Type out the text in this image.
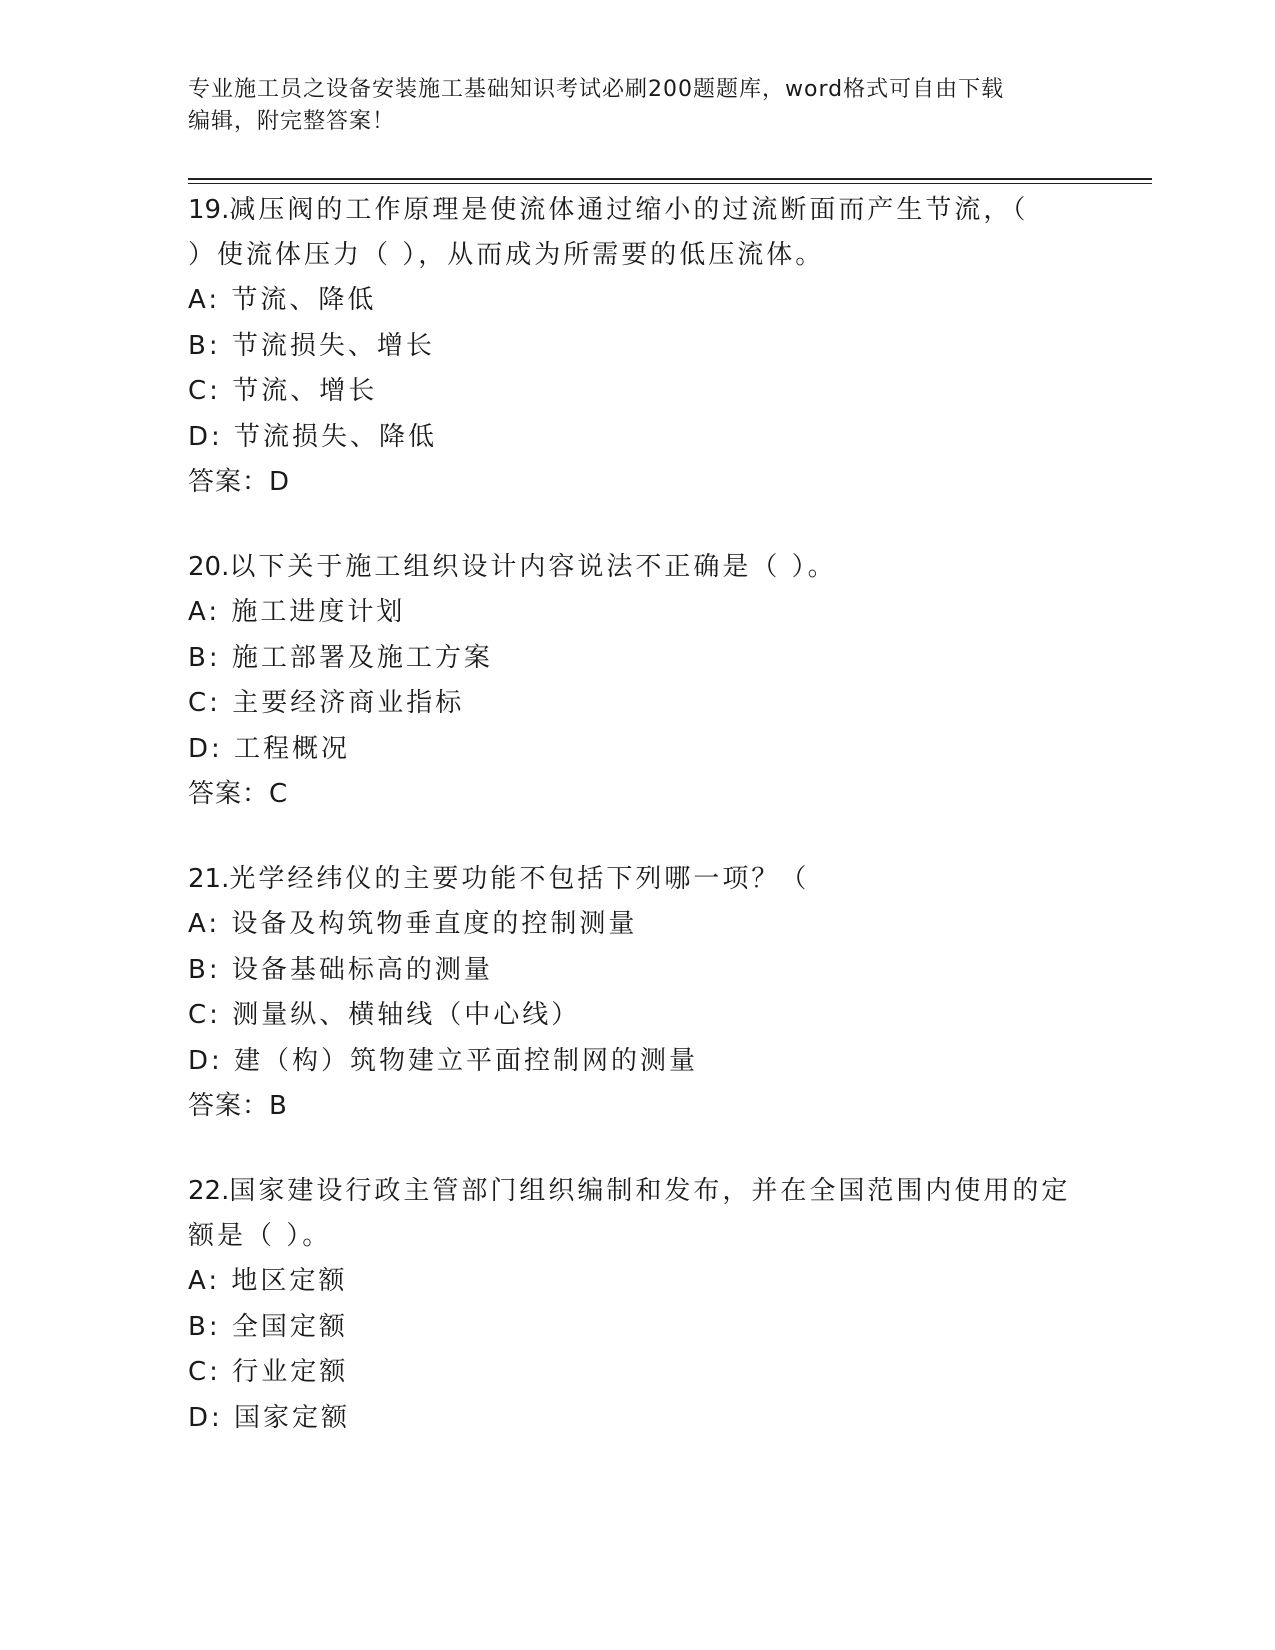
专业施工员之设备安装施工基础知识考试必刷200题题库，word格式可自由下载
编辑，附完整答案！
19.减压阀的工作原理是使流体通过缩小的过流断面而产生节流，（
）使流体压力（ ），从而成为所需要的低压流体。
A: 节流、降低
B: 节流损失、增长
C: 节流、增长
D: 节流损失、降低
答案：D
20.以下关于施工组织设计内容说法不正确是（ ）。
A: 施工进度计划
B: 施工部署及施工方案
C: 主要经济商业指标
D: 工程概况
答案：C
21.光学经纬仪的主要功能不包括下列哪一项？（
A: 设备及构筑物垂直度的控制测量
B: 设备基础标高的测量
C: 测量纵、横轴线（中心线）
D: 建（构）筑物建立平面控制网的测量
答案：B
22.国家建设行政主管部门组织编制和发布，并在全国范围内使用的定
额是（ ）。
A: 地区定额
B: 全国定额
C: 行业定额
D: 国家定额
